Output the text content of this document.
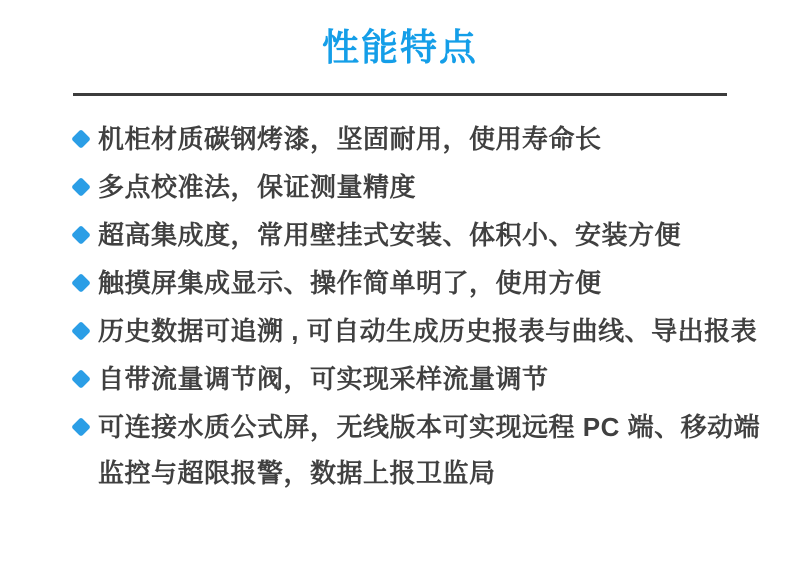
性能特点
机柜材质碳钢烤漆，坚固耐用，使用寿命长
多点校准法，保证测量精度
超高集成度，常用壁挂式安装、体积小、安装方便
触摸屏集成显示、操作简单明了，使用方便
历史数据可追溯 , 可自动生成历史报表与曲线、导出报表
自带流量调节阀，可实现采样流量调节
可连接水质公式屏，无线版本可实现远程 PC 端、移动端
监控与超限报警，数据上报卫监局
